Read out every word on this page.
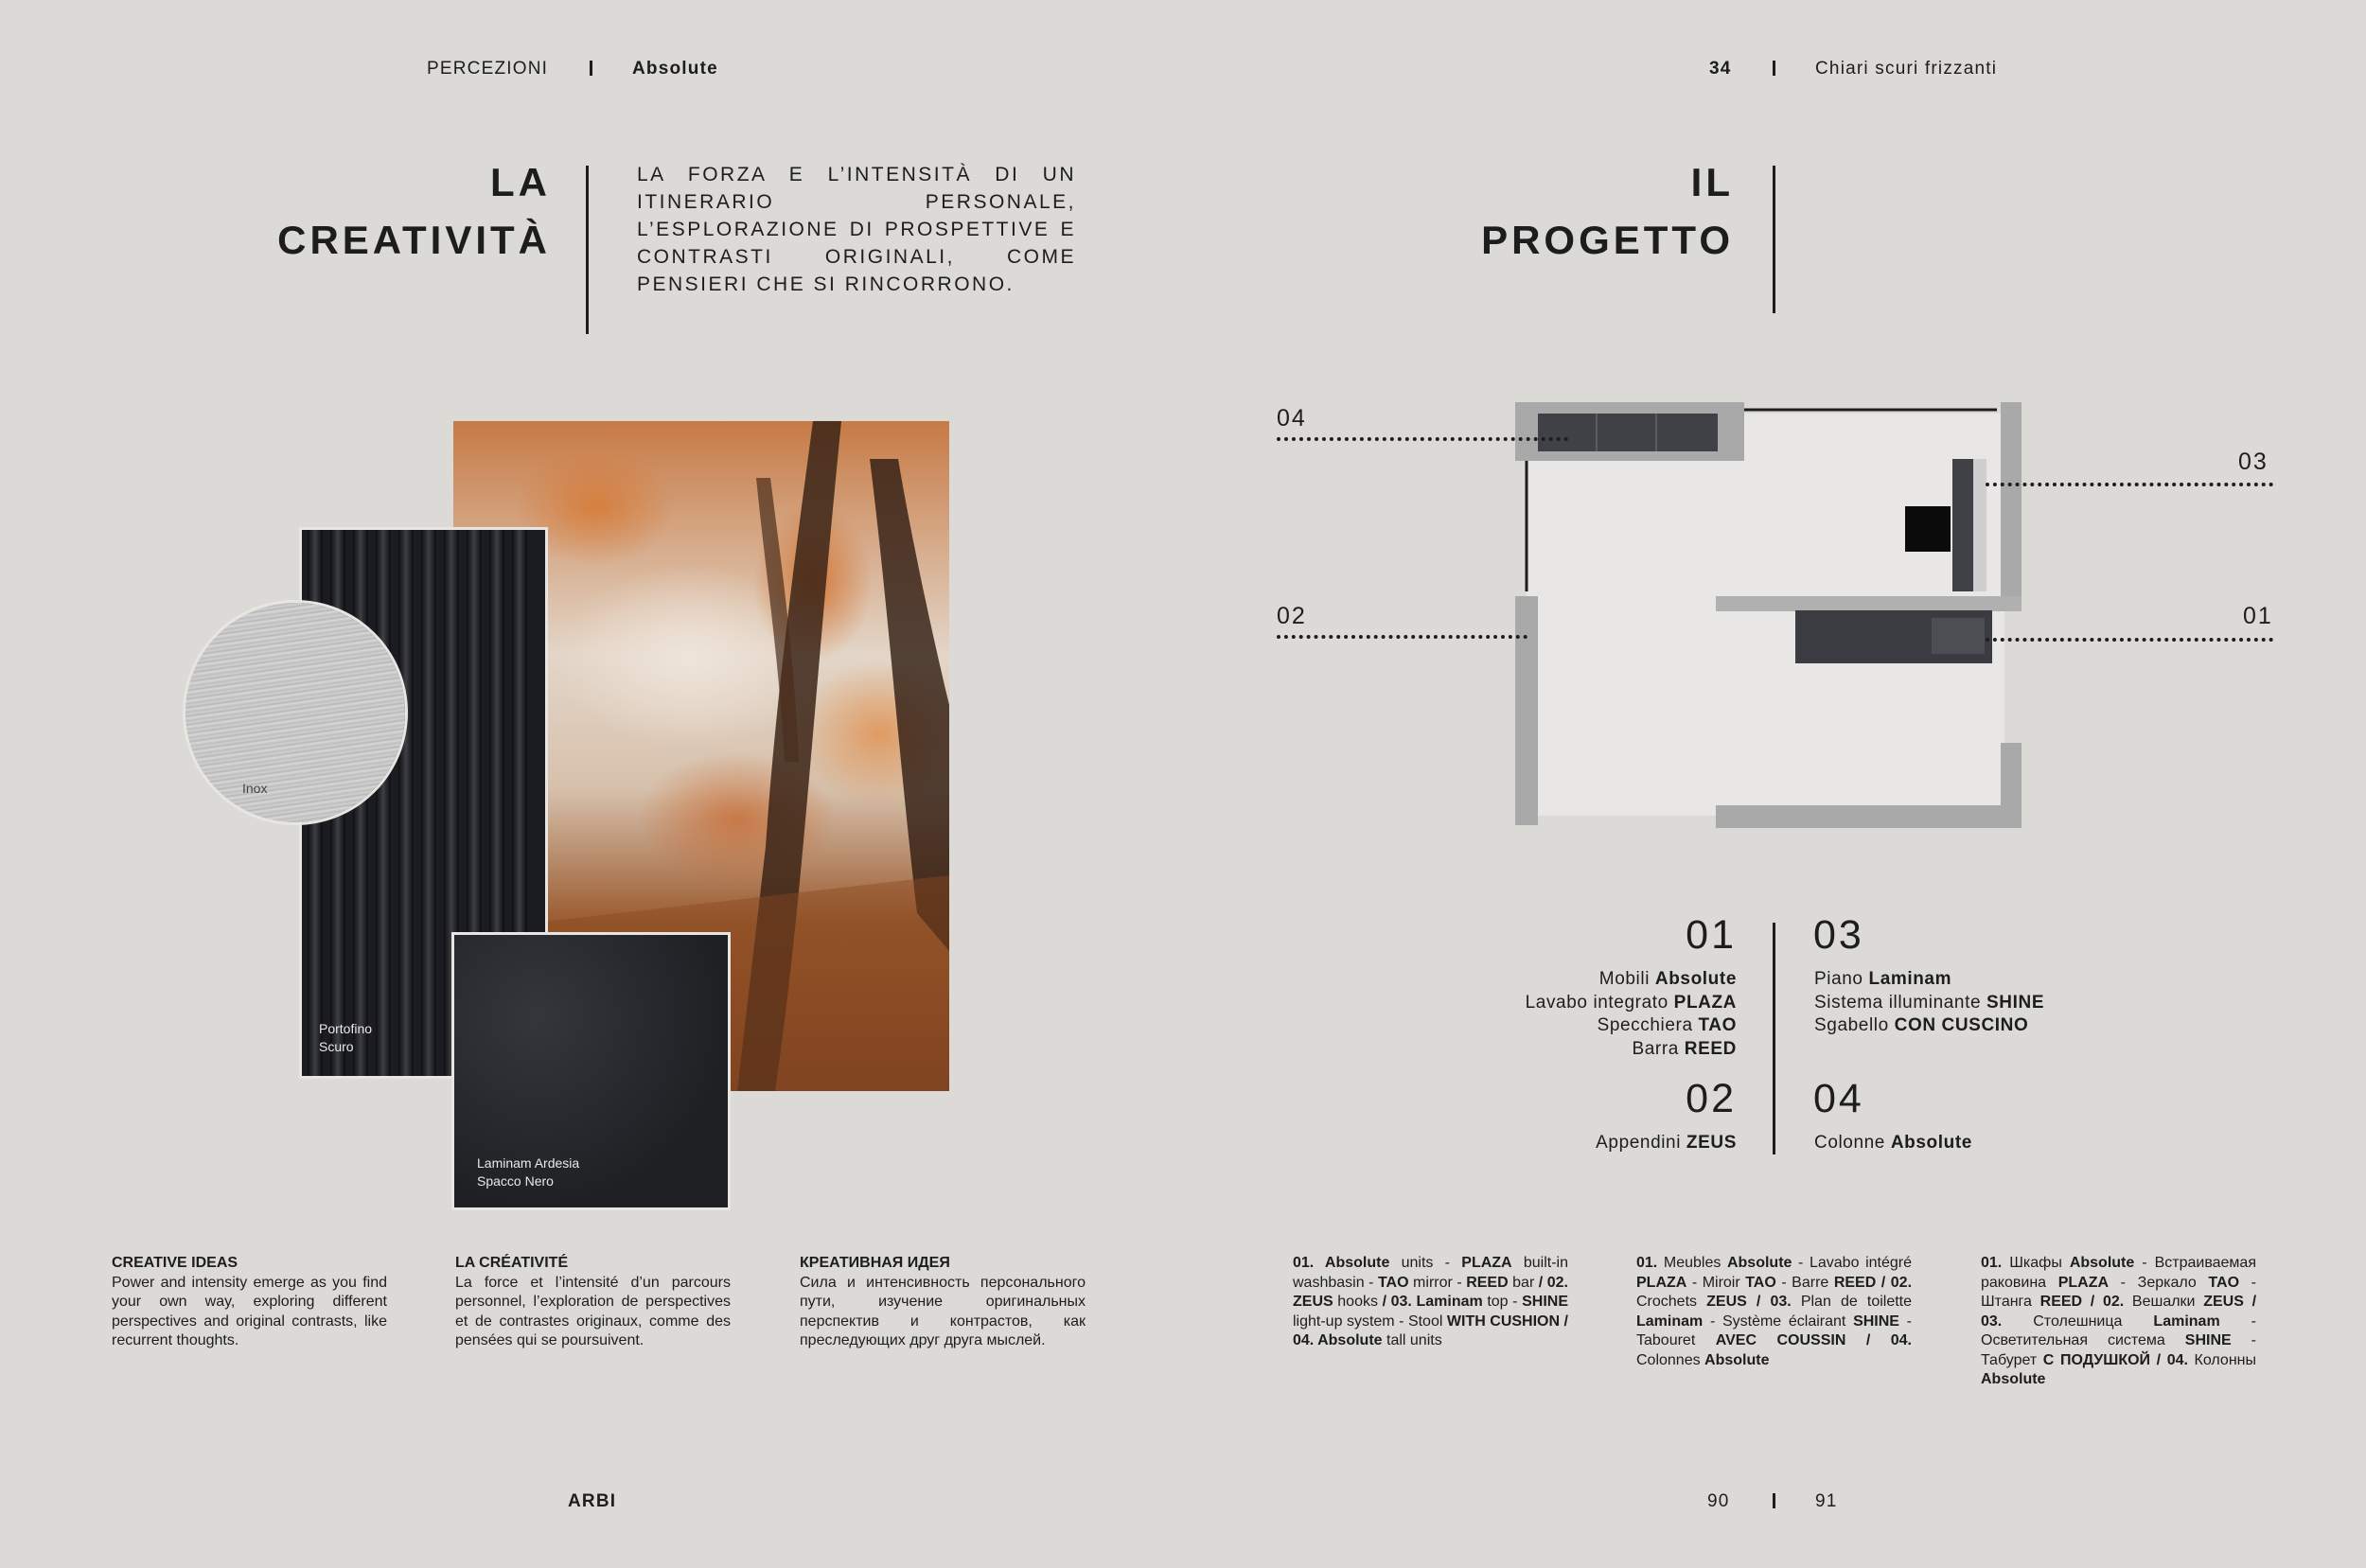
PERCEZIONI	Absolute	34	Chiari scuri frizzanti
LA
CREATIVITÀ
LA FORZA E L’INTENSITÀ DI UN ITINERARIO PERSONALE, L’ESPLORAZIONE DI PROSPETTIVE E CONTRASTI ORIGINALI, COME PENSIERI CHE SI RINCORRONO.
IL
PROGETTO
Portofino
Scuro
Inox
Laminam Ardesia
Spacco Nero
04
03
02	01
01
Mobili Absolute
Lavabo integrato PLAZA
Specchiera TAO
Barra REED
02
Appendini ZEUS
03
Piano Laminam
Sistema illuminante SHINE
Sgabello CON CUSCINO
04
Colonne Absolute
CREATIVE IDEAS
Power and intensity emerge as you find your own way, exploring different perspectives and original contrasts, like recurrent thoughts.
LA CRÉATIVITÉ
La force et l’intensité d’un parcours personnel, l’exploration de perspectives et de contrastes originaux, comme des pensées qui se poursuivent.
КРЕАТИВНАЯ ИДЕЯ
Сила и интенсивность персонального пути, изучение оригинальных перспектив и контрастов, как преследующих друг друга мыслей.
01. Absolute units - PLAZA built-in washbasin - TAO mirror - REED bar / 02. ZEUS hooks / 03. Laminam top - SHINE light-up system - Stool WITH CUSHION / 04. Absolute tall units
01. Meubles Absolute - Lavabo intégré PLAZA - Miroir TAO - Barre REED / 02. Crochets ZEUS / 03. Plan de toilette Laminam - Système éclairant SHINE - Tabouret AVEC COUSSIN / 04. Colonnes Absolute
01. Шкафы Absolute - Встраиваемая раковина PLAZA - Зеркало TAO - Штанга REED / 02. Вешалки ZEUS / 03. Столешница Laminam - Осветительная система SHINE - Табурет С ПОДУШКОЙ / 04. Колонны Absolute
ARBI	90	91
